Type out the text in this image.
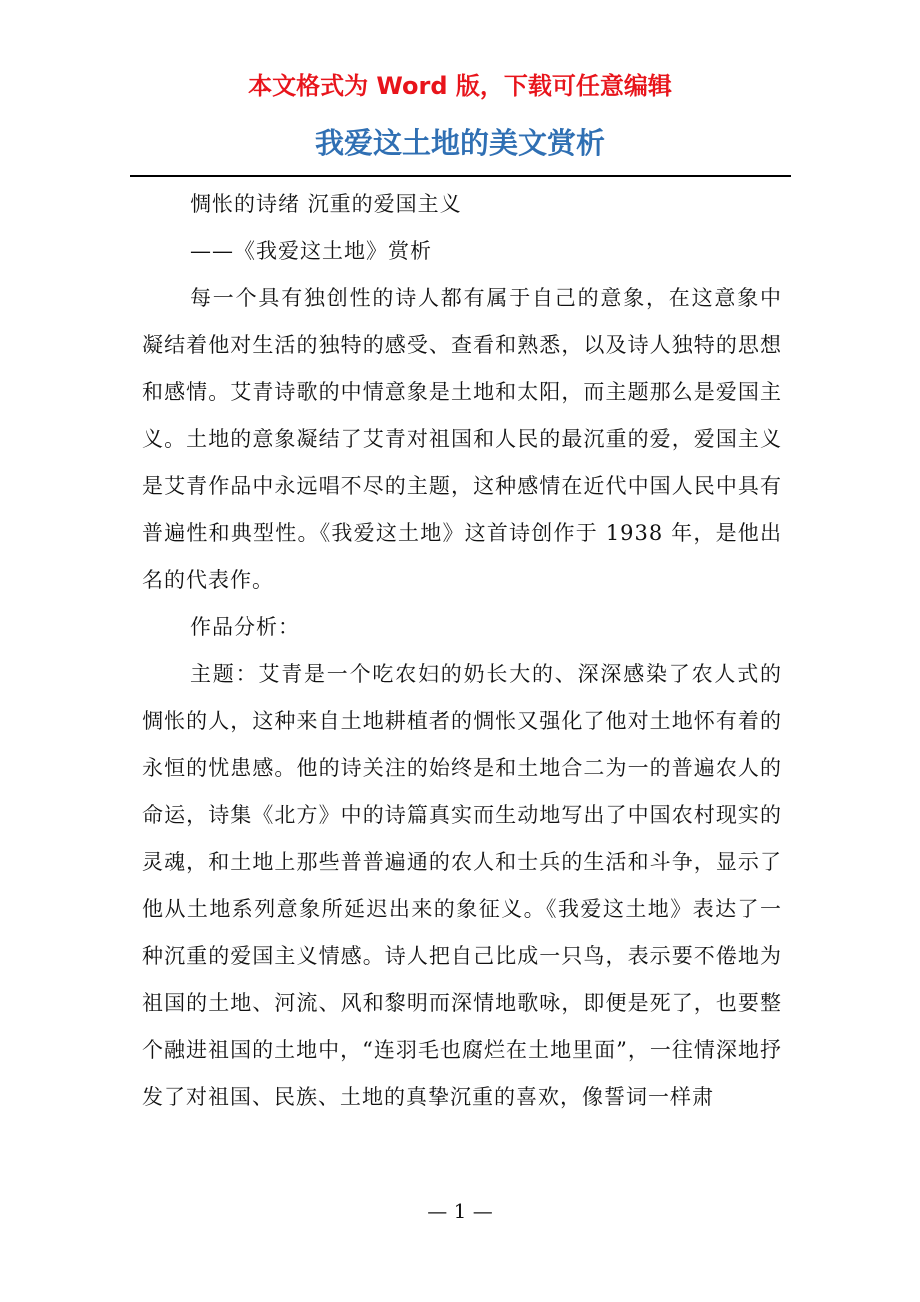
本文格式为 Word 版，下载可任意编辑
我爱这土地的美文赏析

惆怅的诗绪 沉重的爱国主义

——《我爱这土地》赏析

每一个具有独创性的诗人都有属于自己的意象，在这意象中凝结着他对生活的独特的感受、查看和熟悉，以及诗人独特的思想和感情。艾青诗歌的中情意象是土地和太阳，而主题那么是爱国主义。土地的意象凝结了艾青对祖国和人民的最沉重的爱，爱国主义是艾青作品中永远唱不尽的主题，这种感情在近代中国人民中具有普遍性和典型性。《我爱这土地》这首诗创作于 1938 年，是他出名的代表作。

作品分析：

主题：艾青是一个吃农妇的奶长大的、深深感染了农人式的惆怅的人，这种来自土地耕植者的惆怅又强化了他对土地怀有着的永恒的忧患感。他的诗关注的始终是和土地合二为一的普遍农人的命运，诗集《北方》中的诗篇真实而生动地写出了中国农村现实的灵魂，和土地上那些普普遍通的农人和士兵的生活和斗争，显示了他从土地系列意象所延迟出来的象征义。《我爱这土地》表达了一种沉重的爱国主义情感。诗人把自己比成一只鸟，表示要不倦地为祖国的土地、河流、风和黎明而深情地歌咏，即便是死了，也要整个融进祖国的土地中，“连羽毛也腐烂在土地里面”，一往情深地抒发了对祖国、民族、土地的真挚沉重的喜欢，像誓词一样肃

— 1 —
